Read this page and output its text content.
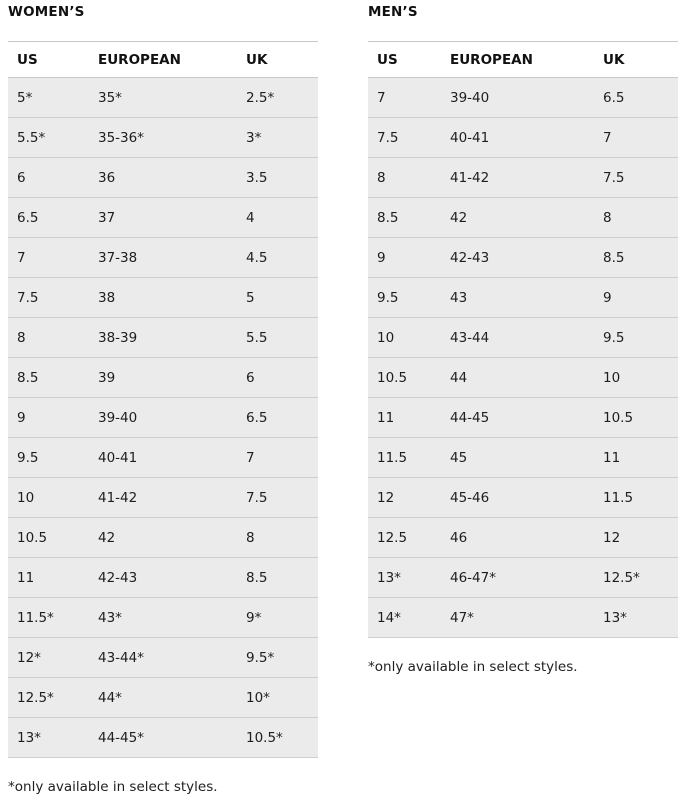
WOMEN’S
US	EUROPEAN	UK
5*	35*	2.5*
5.5*	35-36*	3*
6	36	3.5
6.5	37	4
7	37-38	4.5
7.5	38	5
8	38-39	5.5
8.5	39	6
9	39-40	6.5
9.5	40-41	7
10	41-42	7.5
10.5	42	8
11	42-43	8.5
11.5*	43*	9*
12*	43-44*	9.5*
12.5*	44*	10*
13*	44-45*	10.5*
*only available in select styles.
MEN’S
US	EUROPEAN	UK
7	39-40	6.5
7.5	40-41	7
8	41-42	7.5
8.5	42	8
9	42-43	8.5
9.5	43	9
10	43-44	9.5
10.5	44	10
11	44-45	10.5
11.5	45	11
12	45-46	11.5
12.5	46	12
13*	46-47*	12.5*
14*	47*	13*
*only available in select styles.
